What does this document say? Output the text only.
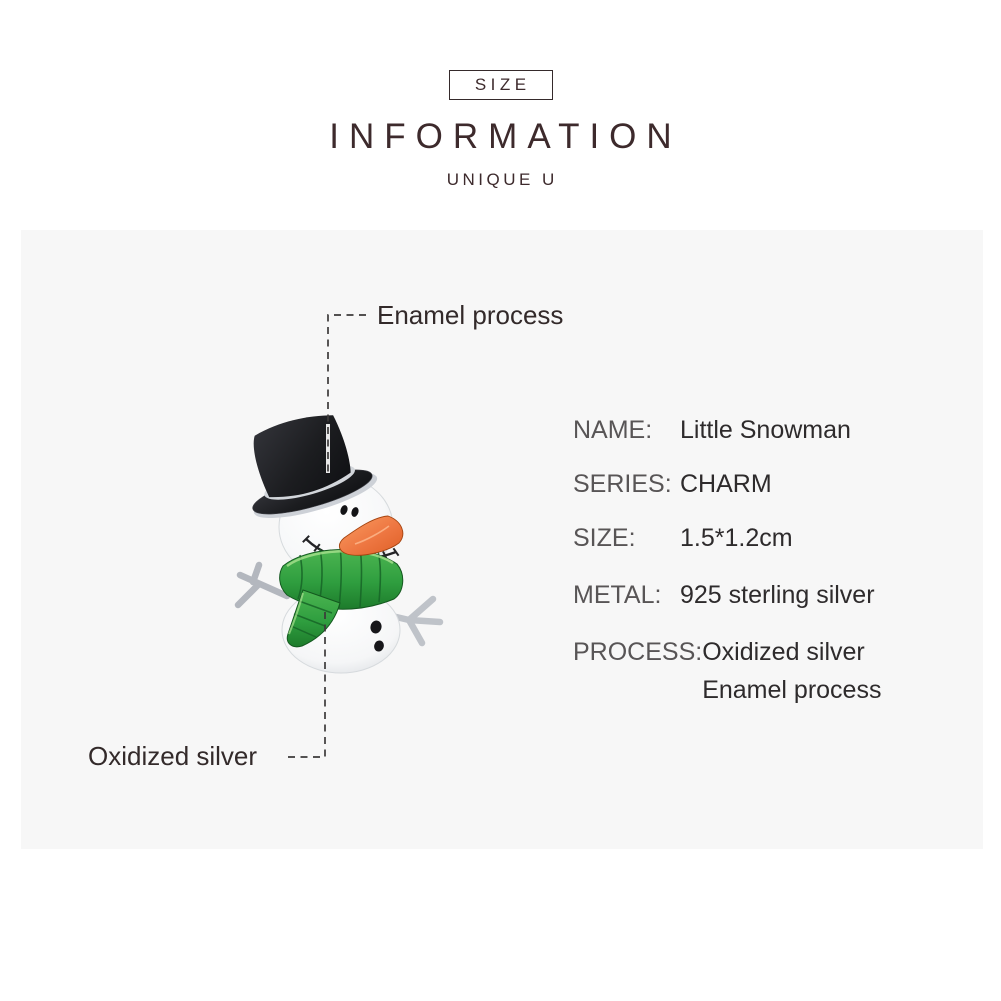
SIZE
INFORMATION
UNIQUE U
Enamel process
Oxidized silver
NAME:	Little Snowman
SERIES: CHARM
SIZE:	1.5*1.2cm
METAL: 925 sterling silver
PROCESS: Oxidized silver
Enamel process
